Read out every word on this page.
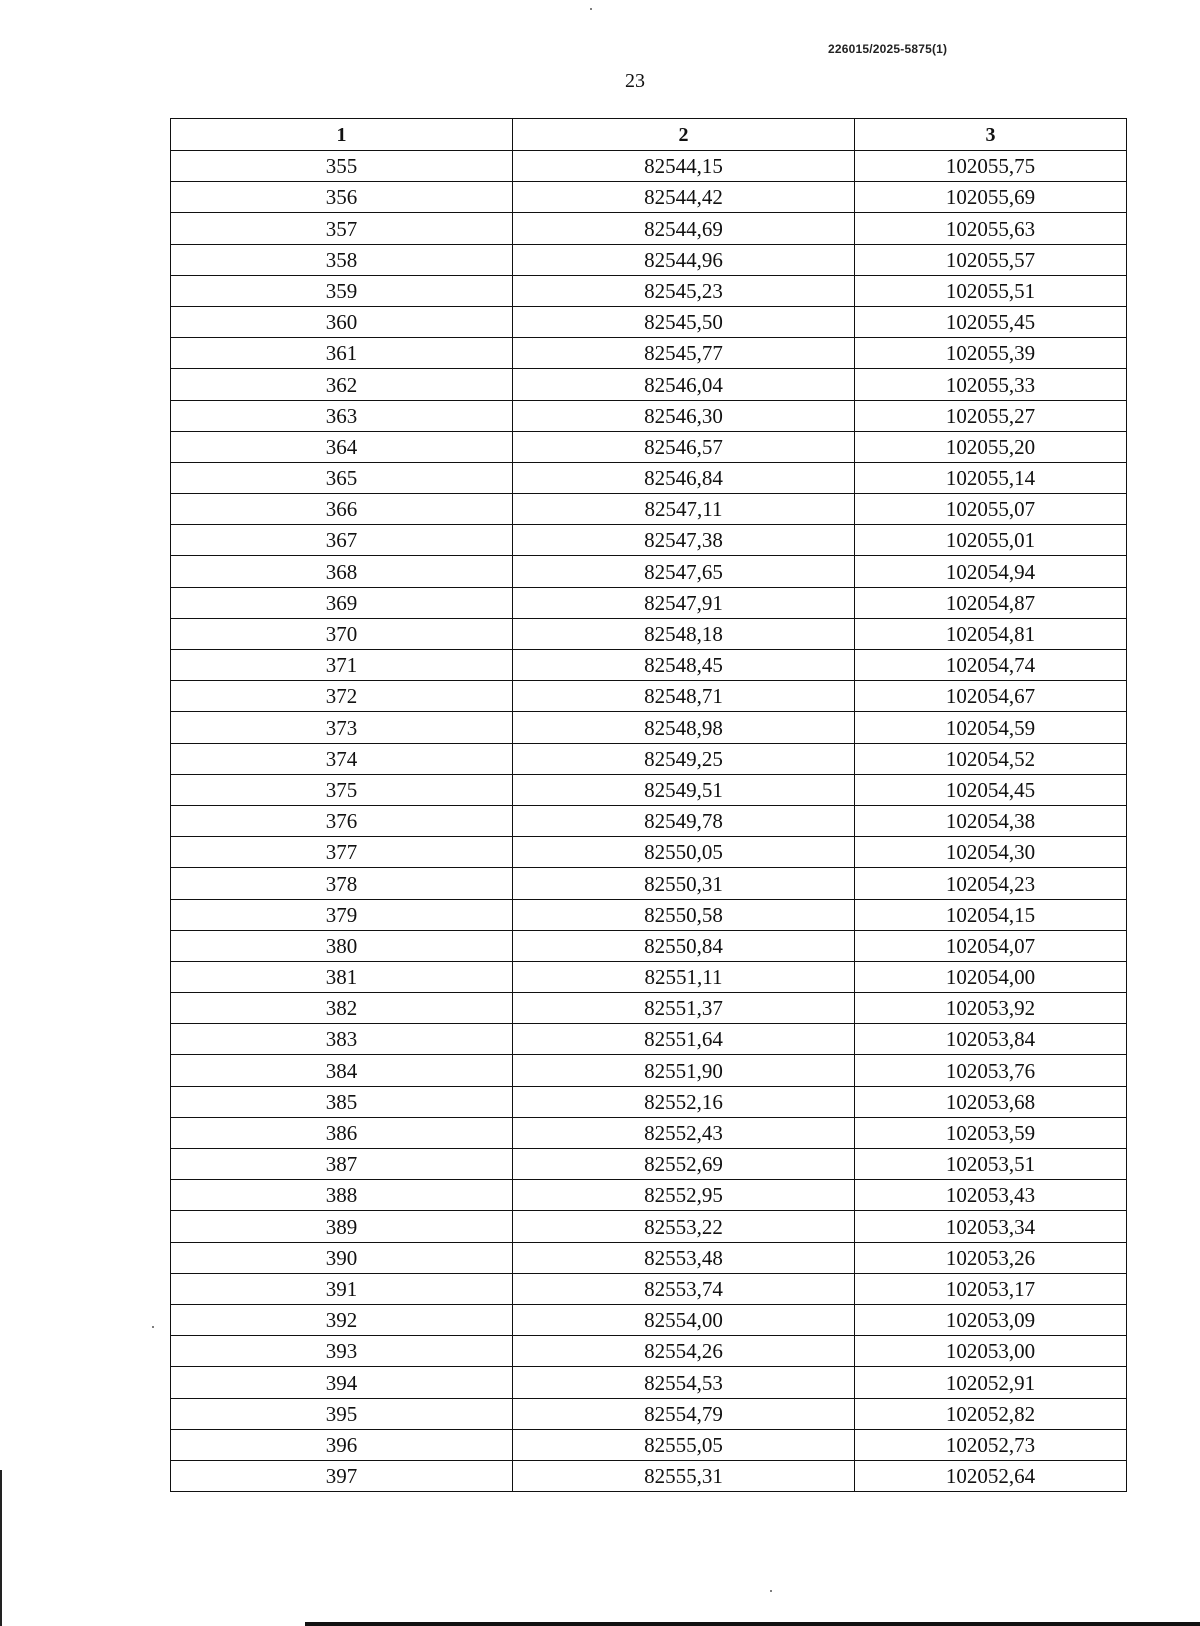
226015/2025-5875(1)
23
1	2	3
355	82544,15	102055,75
356	82544,42	102055,69
357	82544,69	102055,63
358	82544,96	102055,57
359	82545,23	102055,51
360	82545,50	102055,45
361	82545,77	102055,39
362	82546,04	102055,33
363	82546,30	102055,27
364	82546,57	102055,20
365	82546,84	102055,14
366	82547,11	102055,07
367	82547,38	102055,01
368	82547,65	102054,94
369	82547,91	102054,87
370	82548,18	102054,81
371	82548,45	102054,74
372	82548,71	102054,67
373	82548,98	102054,59
374	82549,25	102054,52
375	82549,51	102054,45
376	82549,78	102054,38
377	82550,05	102054,30
378	82550,31	102054,23
379	82550,58	102054,15
380	82550,84	102054,07
381	82551,11	102054,00
382	82551,37	102053,92
383	82551,64	102053,84
384	82551,90	102053,76
385	82552,16	102053,68
386	82552,43	102053,59
387	82552,69	102053,51
388	82552,95	102053,43
389	82553,22	102053,34
390	82553,48	102053,26
391	82553,74	102053,17
392	82554,00	102053,09
393	82554,26	102053,00
394	82554,53	102052,91
395	82554,79	102052,82
396	82555,05	102052,73
397	82555,31	102052,64
